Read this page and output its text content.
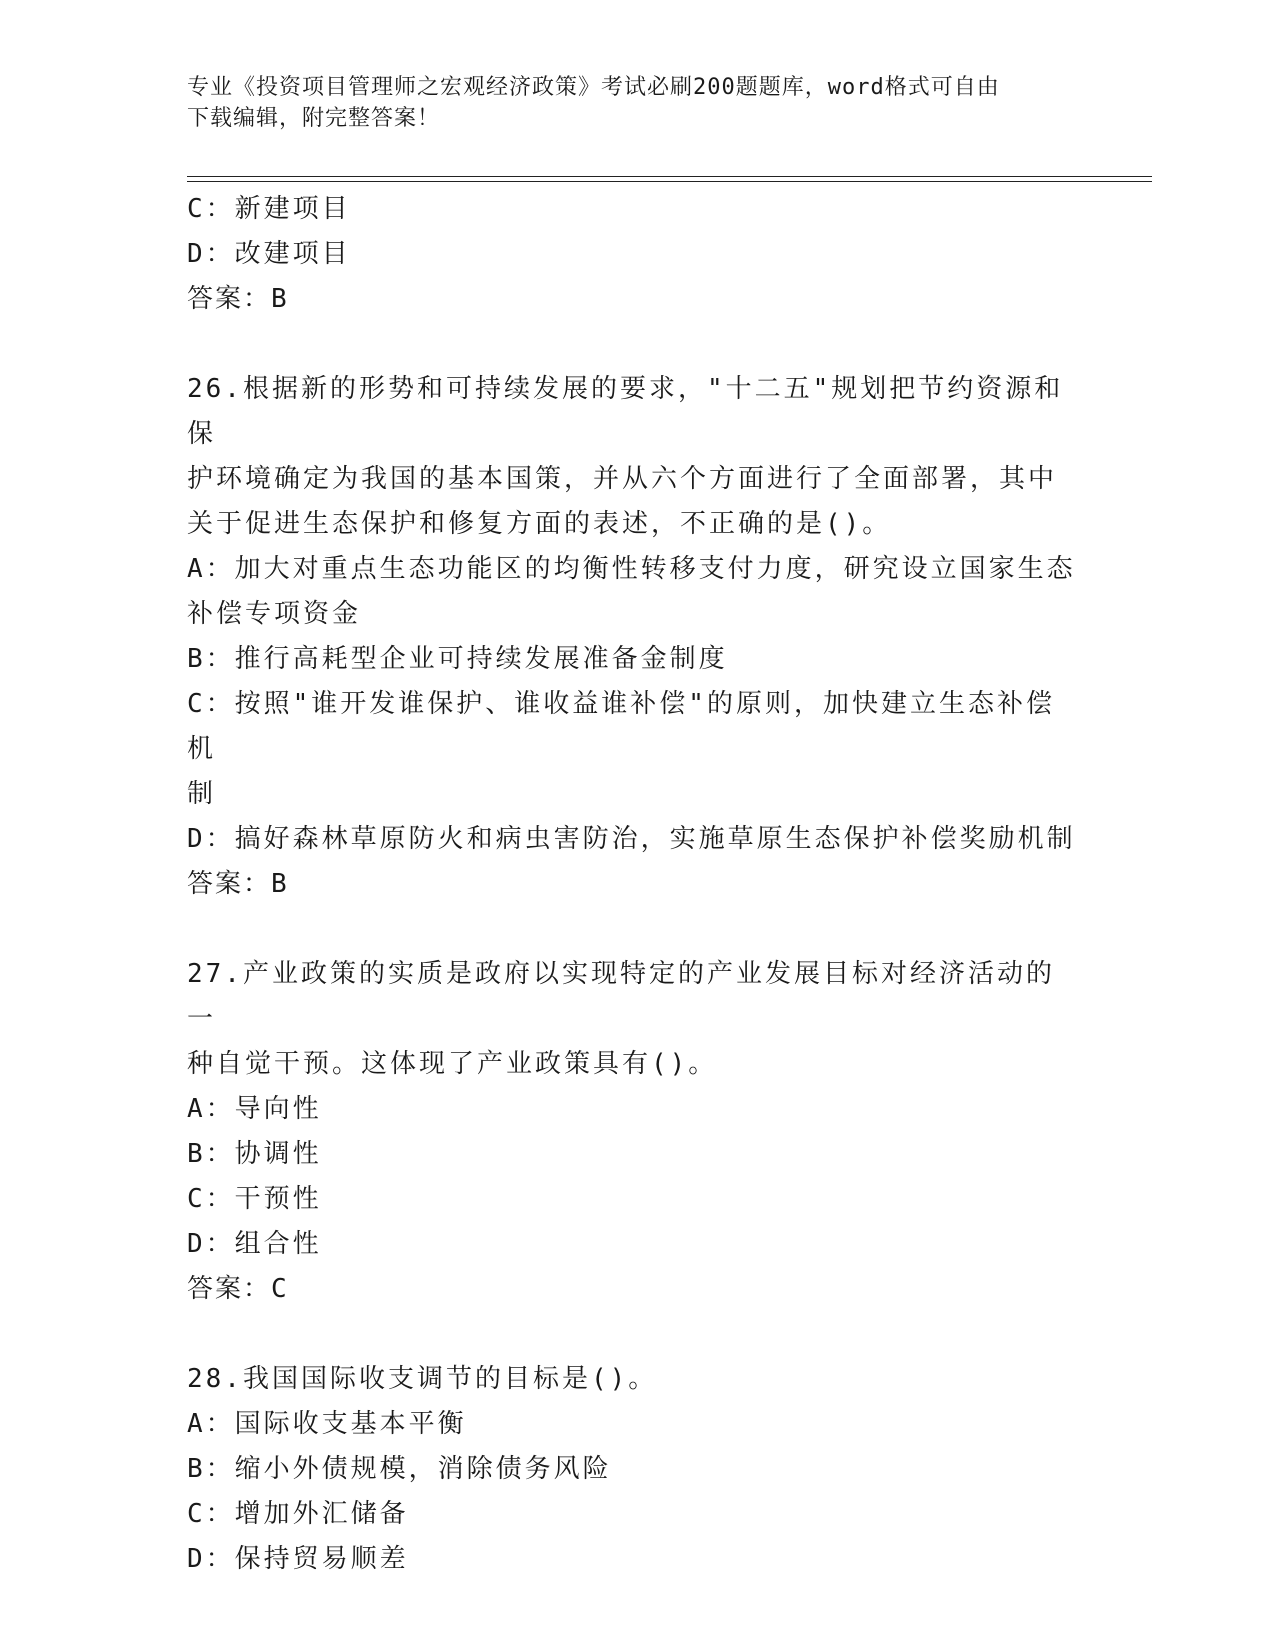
专业《投资项目管理师之宏观经济政策》考试必刷200题题库，word格式可自由
下载编辑，附完整答案！

C：新建项目

D：改建项目

答案：B

26.根据新的形势和可持续发展的要求，"十二五"规划把节约资源和保

护环境确定为我国的基本国策，并从六个方面进行了全面部署，其中

关于促进生态保护和修复方面的表述，不正确的是()。

A：加大对重点生态功能区的均衡性转移支付力度，研究设立国家生态

补偿专项资金

B：推行高耗型企业可持续发展准备金制度

C：按照"谁开发谁保护、谁收益谁补偿"的原则，加快建立生态补偿机

制

D：搞好森林草原防火和病虫害防治，实施草原生态保护补偿奖励机制

答案：B

27.产业政策的实质是政府以实现特定的产业发展目标对经济活动的一

种自觉干预。这体现了产业政策具有()。

A：导向性

B：协调性

C：干预性

D：组合性

答案：C

28.我国国际收支调节的目标是()。

A：国际收支基本平衡

B：缩小外债规模，消除债务风险

C：增加外汇储备

D：保持贸易顺差
